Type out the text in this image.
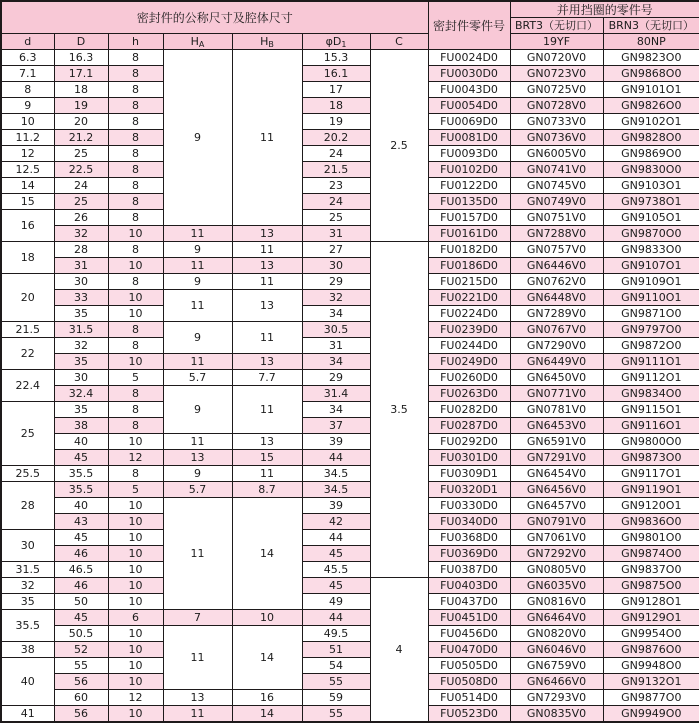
密封件的公称尺寸及腔体尺寸							密封件零件号	并用挡圈的零件号	
								BRT3（无切口）	BRN3（无切口）
d	D	h	$H_A$	$H_B$	$\varphi D_1$	C		19YF	80NP
6.3	16.3	8	9	11	15.3	2.5	FU0024D0	GN0720V0	GN9823O0
7.1	17.1	8			16.1		FU0030D0	GN0723V0	GN9868O0
8	18	8			17		FU0043D0	GN0725V0	GN9101O1
9	19	8			18		FU0054D0	GN0728V0	GN9826O0
10	20	8			19		FU0069D0	GN0733V0	GN9102O1
11.2	21.2	8			20.2		FU0081D0	GN0736V0	GN9828O0
12	25	8			24		FU0093D0	GN6005V0	GN9869O0
12.5	22.5	8			21.5		FU0102D0	GN0741V0	GN9830O0
14	24	8			23		FU0122D0	GN0745V0	GN9103O1
15	25	8			24		FU0135D0	GN0749V0	GN9738O1
16	26	8			25		FU0157D0	GN0751V0	GN9105O1
	32	10	11	13	31		FU0161D0	GN7288V0	GN9870O0
18	28	8	9	11	27	3.5	FU0182D0	GN0757V0	GN9833O0
	31	10	11	13	30		FU0186D0	GN6446V0	GN9107O1
20	30	8	9	11	29		FU0215D0	GN0762V0	GN9109O1
	33	10	11	13	32		FU0221D0	GN6448V0	GN9110O1
	35	10			34		FU0224D0	GN7289V0	GN9871O0
21.5	31.5	8	9	11	30.5		FU0239D0	GN0767V0	GN9797O0
22	32	8			31		FU0244D0	GN7290V0	GN9872O0
	35	10	11	13	34		FU0249D0	GN6449V0	GN9111O1
22.4	30	5	5.7	7.7	29		FU0260D0	GN6450V0	GN9112O1
	32.4	8	9	11	31.4		FU0263D0	GN0771V0	GN9834O0
25	35	8			34		FU0282D0	GN0781V0	GN9115O1
	38	8			37		FU0287D0	GN6453V0	GN9116O1
	40	10	11	13	39		FU0292D0	GN6591V0	GN9800O0
	45	12	13	15	44		FU0301D0	GN7291V0	GN9873O0
25.5	35.5	8	9	11	34.5		FU0309D1	GN6454V0	GN9117O1
28	35.5	5	5.7	8.7	34.5		FU0320D1	GN6456V0	GN9119O1
	40	10	11	14	39		FU0330D0	GN6457V0	GN9120O1
	43	10			42		FU0340D0	GN0791V0	GN9836O0
30	45	10			44		FU0368D0	GN7061V0	GN9801O0
	46	10			45		FU0369D0	GN7292V0	GN9874O0
31.5	46.5	10			45.5		FU0387D0	GN0805V0	GN9837O0
32	46	10			45	4	FU0403D0	GN6035V0	GN9875O0
35	50	10			49		FU0437D0	GN0816V0	GN9128O1
35.5	45	6	7	10	44		FU0451D0	GN6464V0	GN9129O1
	50.5	10	11	14	49.5		FU0456D0	GN0820V0	GN9954O0
38	52	10			51		FU0470D0	GN6046V0	GN9876O0
40	55	10			54		FU0505D0	GN6759V0	GN9948O0
	56	10			55		FU0508D0	GN6466V0	GN9132O1
	60	12	13	16	59		FU0514D0	GN7293V0	GN9877O0
41	56	10	11	14	55		FU0523D0	GN0835V0	GN9949O0
